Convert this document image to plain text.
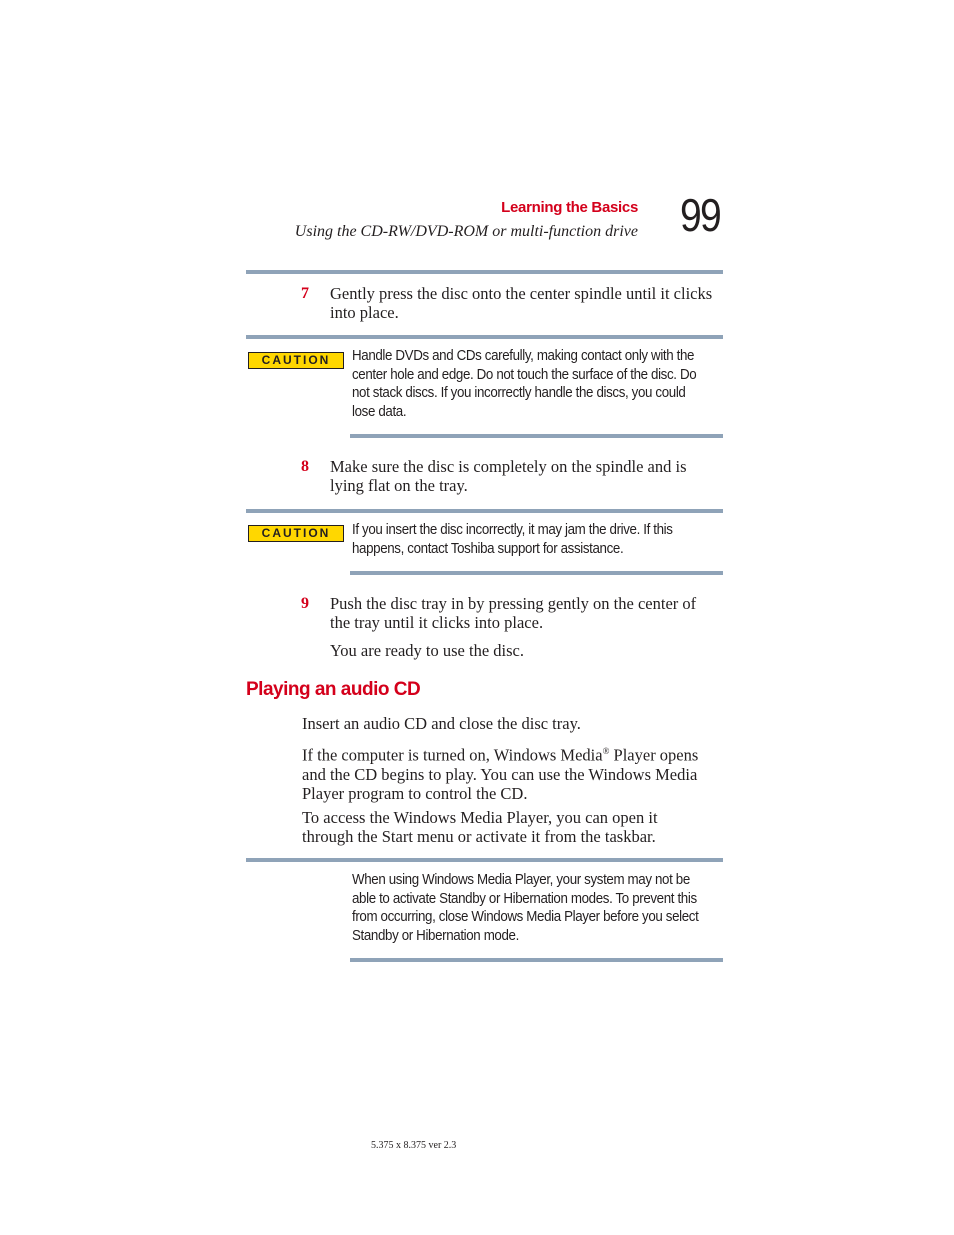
Learning the Basics
Using the CD-RW/DVD-ROM or multi-function drive 99
7 Gently press the disc onto the center spindle until it clicks
into place.
CAUTION	Handle DVDs and CDs carefully, making contact only with the
center hole and edge. Do not touch the surface of the disc. Do
not stack discs. If you incorrectly handle the discs, you could
lose data.
8 Make sure the disc is completely on the spindle and is
lying flat on the tray.
CAUTION	If you insert the disc incorrectly, it may jam the drive. If this
happens, contact Toshiba support for assistance.
9 Push the disc tray in by pressing gently on the center of
the tray until it clicks into place.
You are ready to use the disc.
Playing an audio CD
Insert an audio CD and close the disc tray.
If the computer is turned on, Windows Media® Player opens
and the CD begins to play. You can use the Windows Media
Player program to control the CD.
To access the Windows Media Player, you can open it
through the Start menu or activate it from the taskbar.
When using Windows Media Player, your system may not be
able to activate Standby or Hibernation modes. To prevent this
from occurring, close Windows Media Player before you select
Standby or Hibernation mode.
5.375 x 8.375 ver 2.3
